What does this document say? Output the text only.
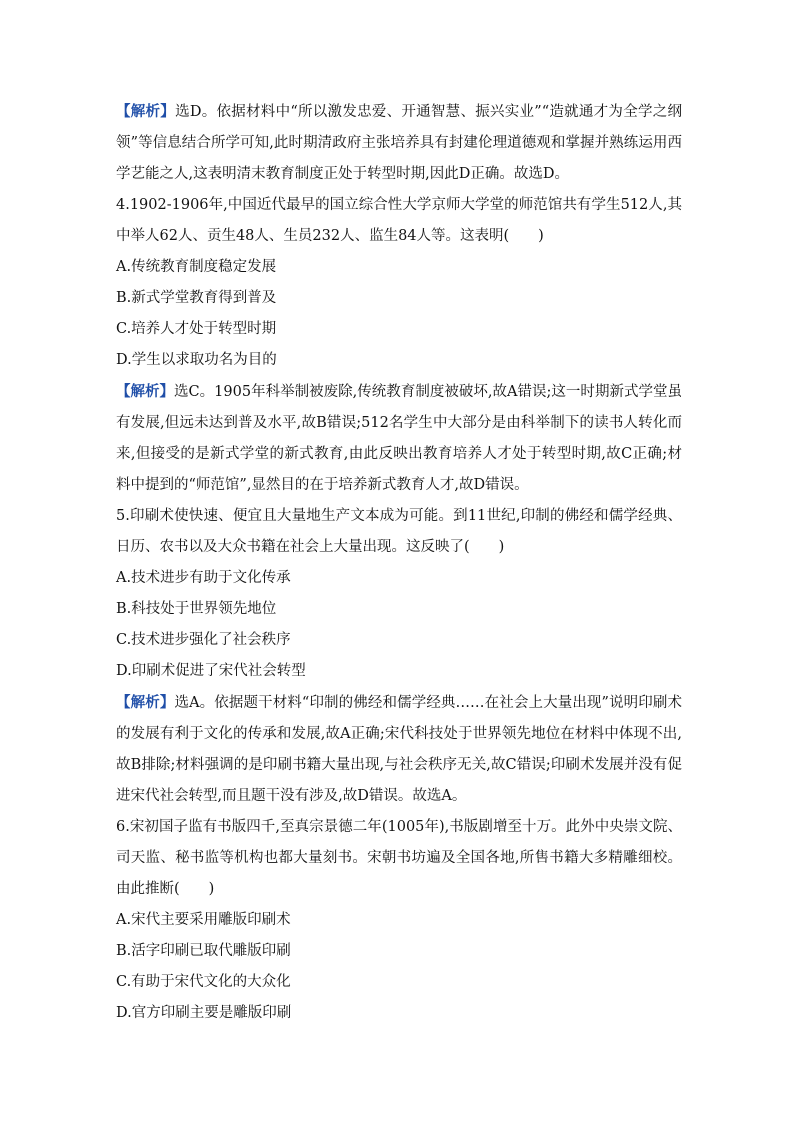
【解析】选D。依据材料中“所以激发忠爱、开通智慧、振兴实业”“造就通才为全学之纲领”等信息结合所学可知,此时期清政府主张培养具有封建伦理道德观和掌握并熟练运用西学艺能之人,这表明清末教育制度正处于转型时期,因此D正确。故选D。

4.1902-1906年,中国近代最早的国立综合性大学京师大学堂的师范馆共有学生512人,其中举人62人、贡生48人、生员232人、监生84人等。这表明(　　)

A.传统教育制度稳定发展

B.新式学堂教育得到普及

C.培养人才处于转型时期

D.学生以求取功名为目的

【解析】选C。1905年科举制被废除,传统教育制度被破坏,故A错误;这一时期新式学堂虽有发展,但远未达到普及水平,故B错误;512名学生中大部分是由科举制下的读书人转化而来,但接受的是新式学堂的新式教育,由此反映出教育培养人才处于转型时期,故C正确;材料中提到的“师范馆”,显然目的在于培养新式教育人才,故D错误。

5.印刷术使快速、便宜且大量地生产文本成为可能。到11世纪,印制的佛经和儒学经典、日历、农书以及大众书籍在社会上大量出现。这反映了(　　)

A.技术进步有助于文化传承

B.科技处于世界领先地位

C.技术进步强化了社会秩序

D.印刷术促进了宋代社会转型

【解析】选A。依据题干材料“印制的佛经和儒学经典……在社会上大量出现”说明印刷术的发展有利于文化的传承和发展,故A正确;宋代科技处于世界领先地位在材料中体现不出,故B排除;材料强调的是印刷书籍大量出现,与社会秩序无关,故C错误;印刷术发展并没有促进宋代社会转型,而且题干没有涉及,故D错误。故选A。

6.宋初国子监有书版四千,至真宗景德二年(1005年),书版剧增至十万。此外中央崇文院、司天监、秘书监等机构也都大量刻书。宋朝书坊遍及全国各地,所售书籍大多精雕细校。由此推断(　　)

A.宋代主要采用雕版印刷术

B.活字印刷已取代雕版印刷

C.有助于宋代文化的大众化

D.官方印刷主要是雕版印刷
